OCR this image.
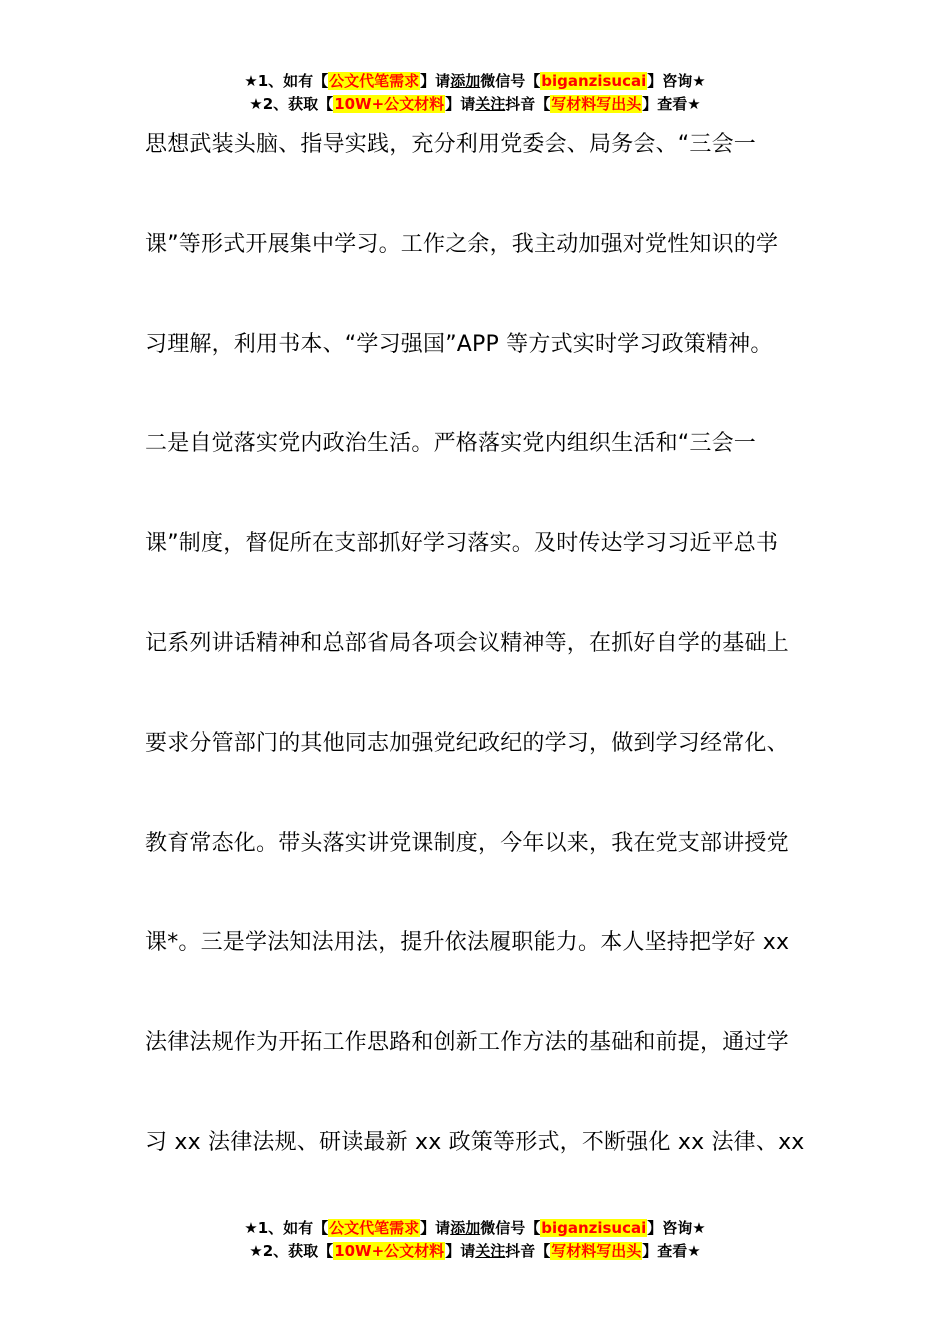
★1、如有【公文代笔需求】请添加微信号【biganzisucai】咨询★
★2、获取【10W+公文材料】请关注抖音【写材料写出头】查看★
思想武装头脑、指导实践，充分利用党委会、局务会、“三会一
课”等形式开展集中学习。工作之余，我主动加强对党性知识的学
习理解，利用书本、“学习强国”APP 等方式实时学习政策精神。
二是自觉落实党内政治生活。严格落实党内组织生活和“三会一
课”制度，督促所在支部抓好学习落实。及时传达学习习近平总书
记系列讲话精神和总部省局各项会议精神等，在抓好自学的基础上
要求分管部门的其他同志加强党纪政纪的学习，做到学习经常化、
教育常态化。带头落实讲党课制度，今年以来，我在党支部讲授党
课*。三是学法知法用法，提升依法履职能力。本人坚持把学好 xx
法律法规作为开拓工作思路和创新工作方法的基础和前提，通过学
习 xx 法律法规、研读最新 xx 政策等形式，不断强化 xx 法律、xx
★1、如有【公文代笔需求】请添加微信号【biganzisucai】咨询★
★2、获取【10W+公文材料】请关注抖音【写材料写出头】查看★
